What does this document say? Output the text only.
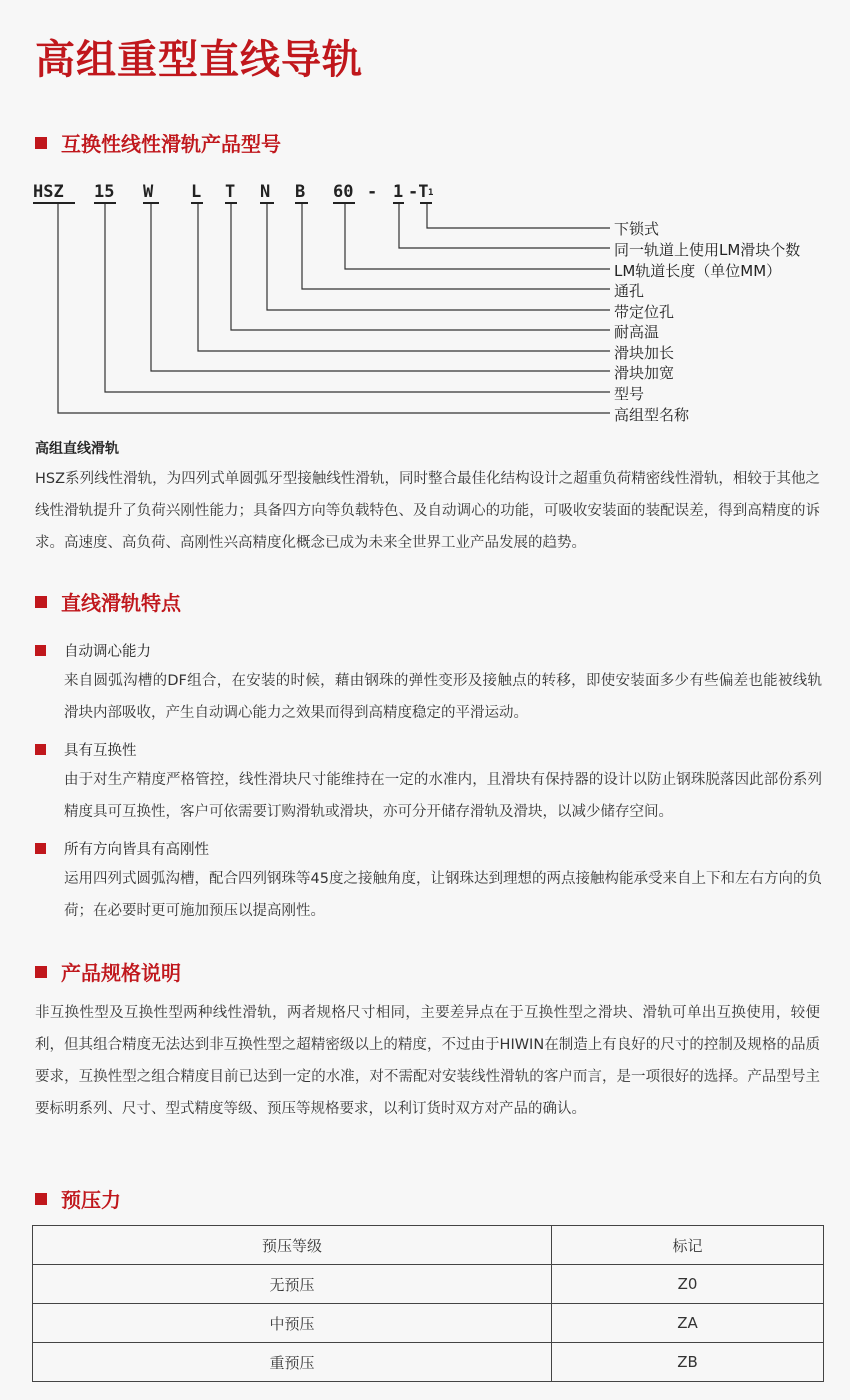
高组重型直线导轨
互换性线性滑轨产品型号
HSZ 15 W L T N B 60 - 1 -T 1
下锁式
同一轨道上使用LM滑块个数
LM轨道长度（单位MM）
通孔
带定位孔
耐高温
滑块加长
滑块加宽
型号
高组型名称
高组直线滑轨
HSZ系列线性滑轨，为四列式单圆弧牙型接触线性滑轨，同时整合最佳化结构设计之超重负荷精密线性滑轨，相较于其他之线性滑轨提升了负荷兴刚性能力；具备四方向等负载特色、及自动调心的功能，可吸收安装面的装配误差，得到高精度的诉求。高速度、高负荷、高刚性兴高精度化概念已成为未来全世界工业产品发展的趋势。
直线滑轨特点
自动调心能力
来自圆弧沟槽的DF组合，在安装的时候，藉由钢珠的弹性变形及接触点的转移，即使安装面多少有些偏差也能被线轨滑块内部吸收，产生自动调心能力之效果而得到高精度稳定的平滑运动。
具有互换性
由于对生产精度严格管控，线性滑块尺寸能维持在一定的水准内，且滑块有保持器的设计以防止钢珠脱落因此部份系列精度具可互换性，客户可依需要订购滑轨或滑块，亦可分开储存滑轨及滑块，以减少储存空间。
所有方向皆具有高刚性
运用四列式圆弧沟槽，配合四列钢珠等45度之接触角度，让钢珠达到理想的两点接触构能承受来自上下和左右方向的负荷；在必要时更可施加预压以提高刚性。
产品规格说明
非互换性型及互换性型两种线性滑轨，两者规格尺寸相同，主要差异点在于互换性型之滑块、滑轨可单出互换使用，较便利，但其组合精度无法达到非互换性型之超精密级以上的精度，不过由于HIWIN在制造上有良好的尺寸的控制及规格的品质要求，互换性型之组合精度目前已达到一定的水准，对不需配对安装线性滑轨的客户而言，是一项很好的选择。产品型号主要标明系列、尺寸、型式精度等级、预压等规格要求，以利订货时双方对产品的确认。
预压力
预压等级	标记
无预压	Z0
中预压	ZA
重预压	ZB
